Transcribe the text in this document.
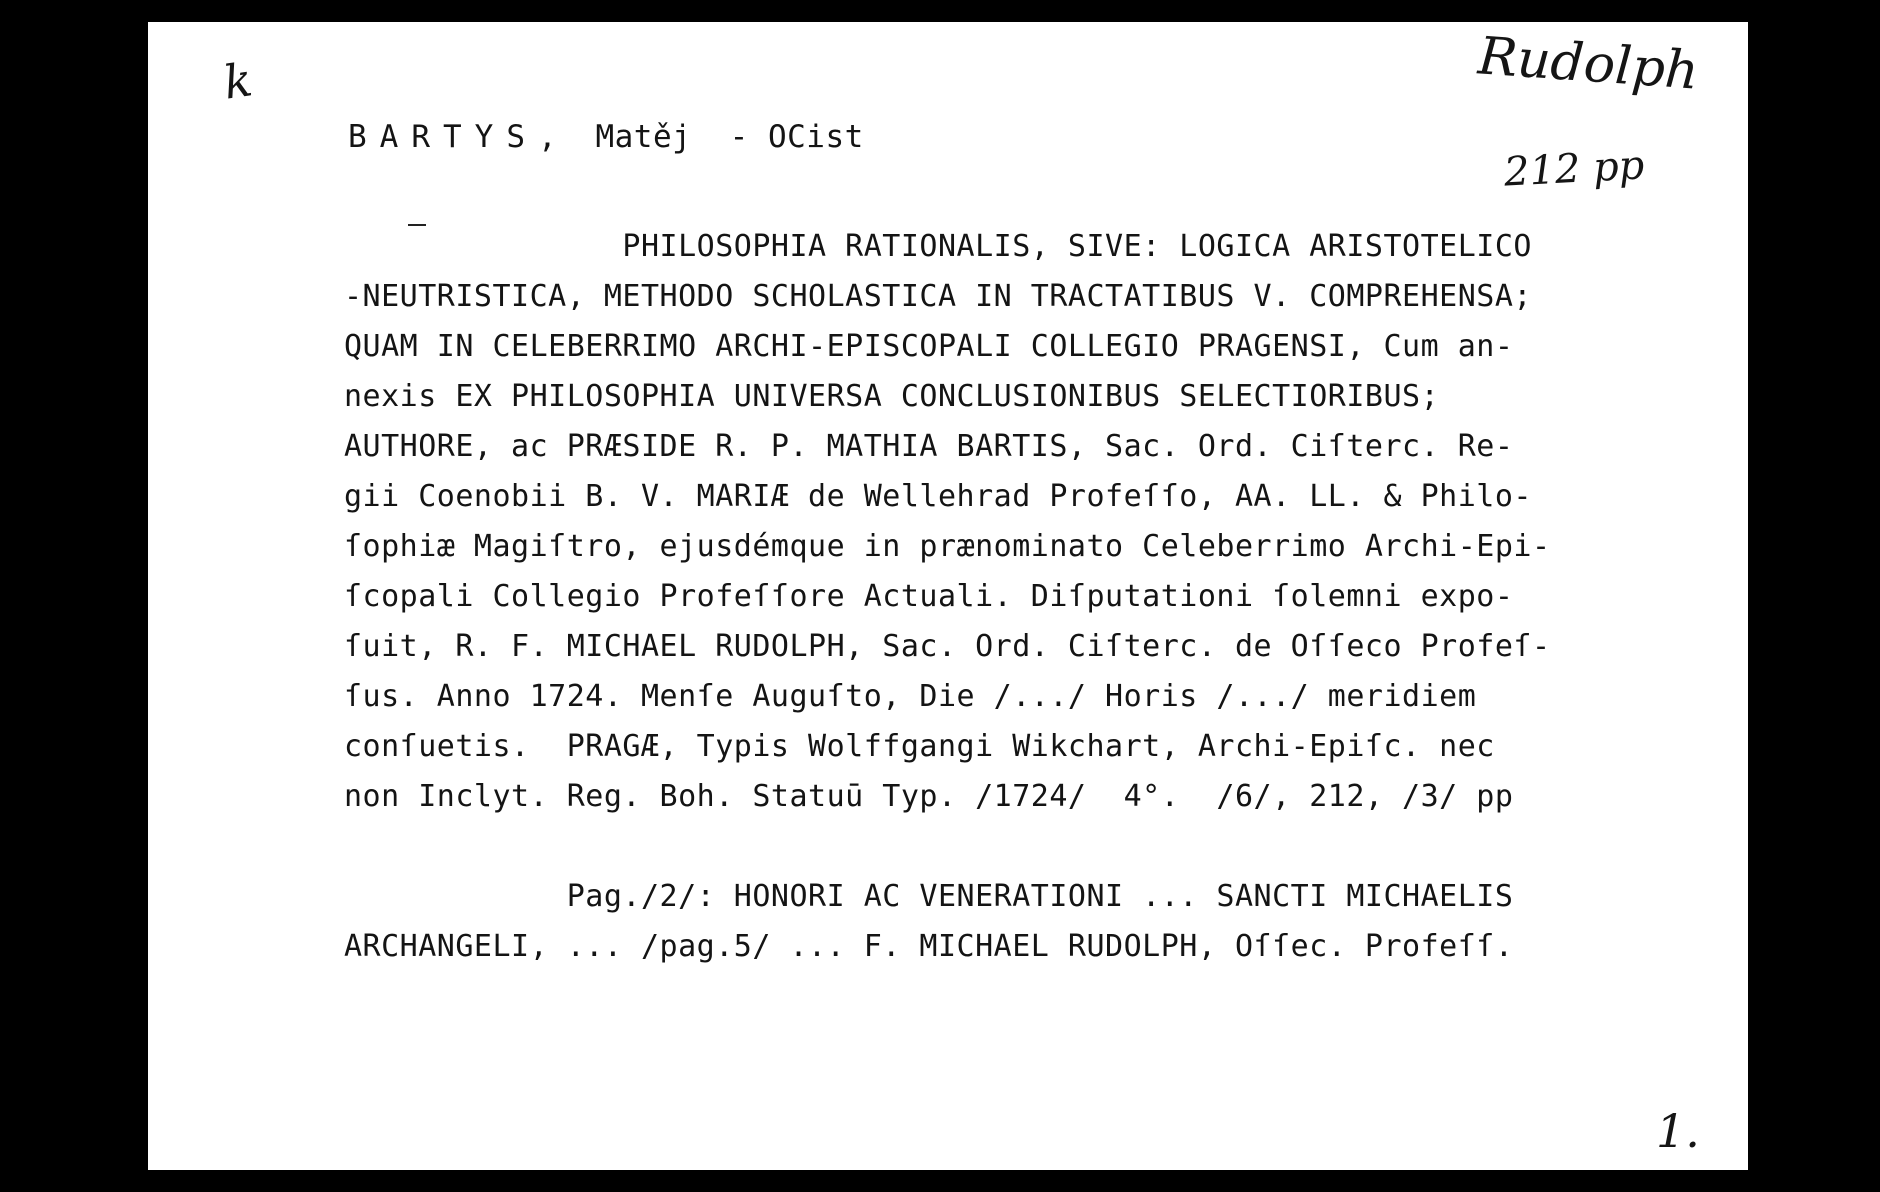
k	Rudolph
212 pp
BARTYS, Matěj - OCist
PHILOSOPHIA RATIONALIS, SIVE: LOGICA ARISTOTELICO
-NEUTRISTICA, METHODO SCHOLASTICA IN TRACTATIBUS V. COMPREHENSA;
QUAM IN CELEBERRIMO ARCHI-EPISCOPALI COLLEGIO PRAGENSI, Cum an-
nexis EX PHILOSOPHIA UNIVERSA CONCLUSIONIBUS SELECTIORIBUS;
AUTHORE, ac PRÆSIDE R. P. MATHIA BARTIS, Sac. Ord. Ciſterc. Re-
gii Coenobii B. V. MARIÆ de Wellehrad Profeſſo, AA. LL. & Philo-
ſophiæ Magiſtro, ejusdémque in prænominato Celeberrimo Archi-Epi-
ſcopali Collegio Profeſſore Actuali. Diſputationi ſolemni expo-
ſuit, R. F. MICHAEL RUDOLPH, Sac. Ord. Ciſterc. de Oſſeco Profeſ-
ſus. Anno 1724. Menſe Auguſto, Die /.../ Horis /.../ meridiem
conſuetis.  PRAGÆ, Typis Wolffgangi Wikchart, Archi-Epiſc. nec
non Inclyt. Reg. Boh. Statuū Typ. /1724/  4°.  /6/, 212, /3/ pp
Pag./2/: HONORI AC VENERATIONI ... SANCTI MICHAELIS
ARCHANGELI, ... /pag.5/ ... F. MICHAEL RUDOLPH, Oſſec. Profeſſ.
1.
